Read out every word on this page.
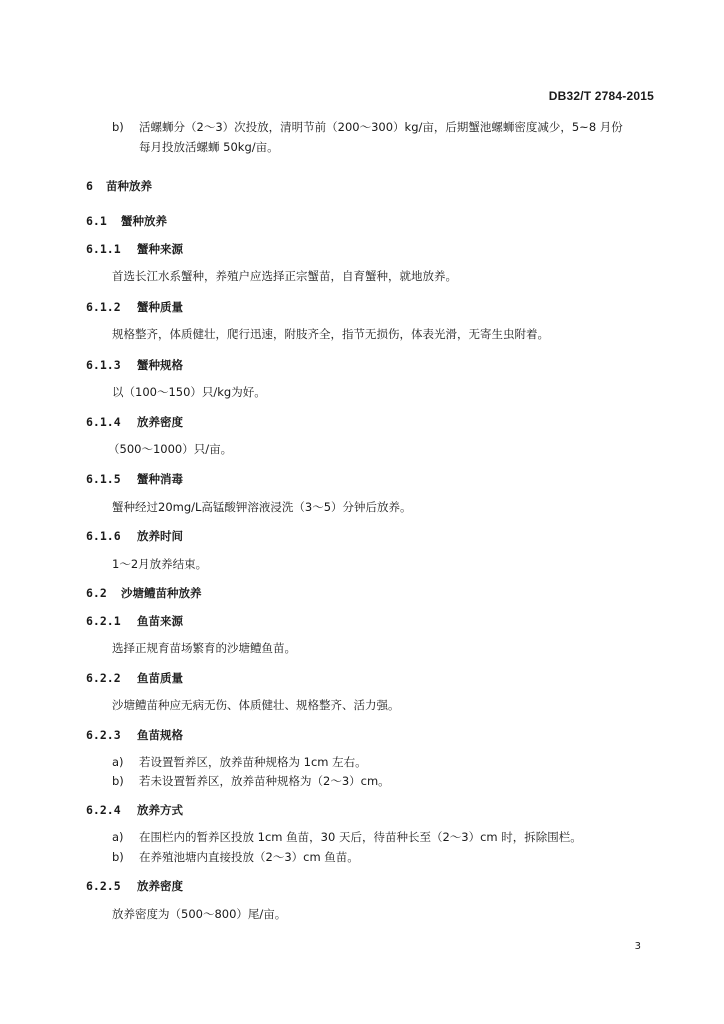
DB32/T 2784-2015
b) 活螺蛳分（2～3）次投放，清明节前（200～300）kg/亩，后期蟹池螺蛳密度减少，5~8 月份
每月投放活螺蛳 50kg/亩。
6 苗种放养
6.1 蟹种放养
6.1.1 蟹种来源
首选长江水系蟹种，养殖户应选择正宗蟹苗，自育蟹种，就地放养。
6.1.2 蟹种质量
规格整齐，体质健壮，爬行迅速，附肢齐全，指节无损伤，体表光滑，无寄生虫附着。
6.1.3 蟹种规格
以（100～150）只/kg为好。
6.1.4 放养密度
（500～1000）只/亩。
6.1.5 蟹种消毒
蟹种经过20mg/L高锰酸钾溶液浸洗（3～5）分钟后放养。
6.1.6 放养时间
1～2月放养结束。
6.2 沙塘鳢苗种放养
6.2.1 鱼苗来源
选择正规育苗场繁育的沙塘鳢鱼苗。
6.2.2 鱼苗质量
沙塘鳢苗种应无病无伤、体质健壮、规格整齐、活力强。
6.2.3 鱼苗规格
a) 若设置暂养区，放养苗种规格为 1cm 左右。
b) 若未设置暂养区，放养苗种规格为（2～3）cm。
6.2.4 放养方式
a) 在围栏内的暂养区投放 1cm 鱼苗，30 天后，待苗种长至（2～3）cm 时，拆除围栏。
b) 在养殖池塘内直接投放（2～3）cm 鱼苗。
6.2.5 放养密度
放养密度为（500～800）尾/亩。
3
